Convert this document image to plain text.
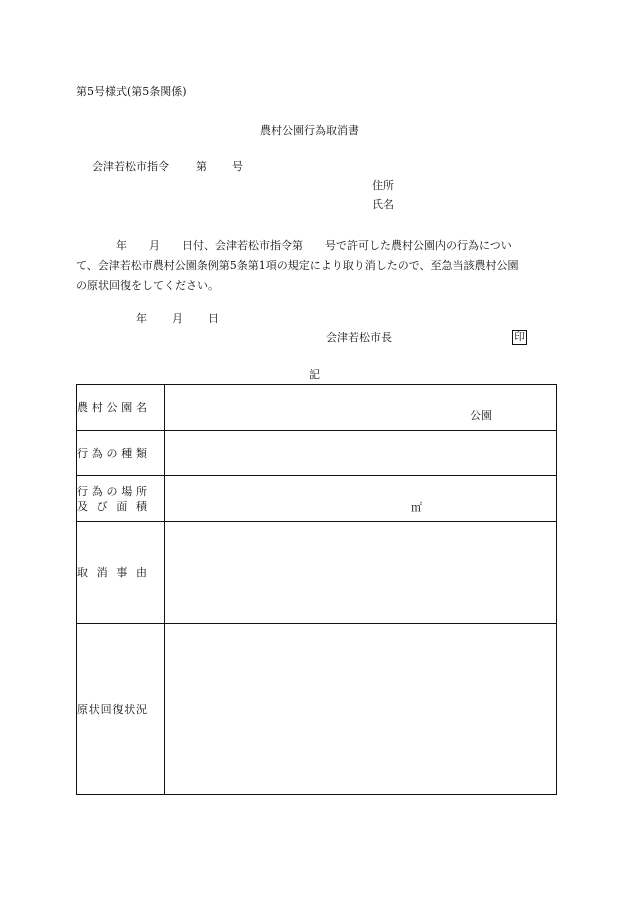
第5号様式(第5条関係)
農村公園行為取消書
会津若松市指令 第 号
住所
氏名
年　　月　　日付、会津若松市指令第　　号で許可した農村公園内の行為につい
て、会津若松市農村公園条例第5条第1項の規定により取り消したので、至急当該農村公園
の原状回復をしてください。
年 月 日
会津若松市長	印
記
農村公園名	公園

行為の種類	

行為の場所
及び面積	㎡

取消事由	

原状回復状況	
